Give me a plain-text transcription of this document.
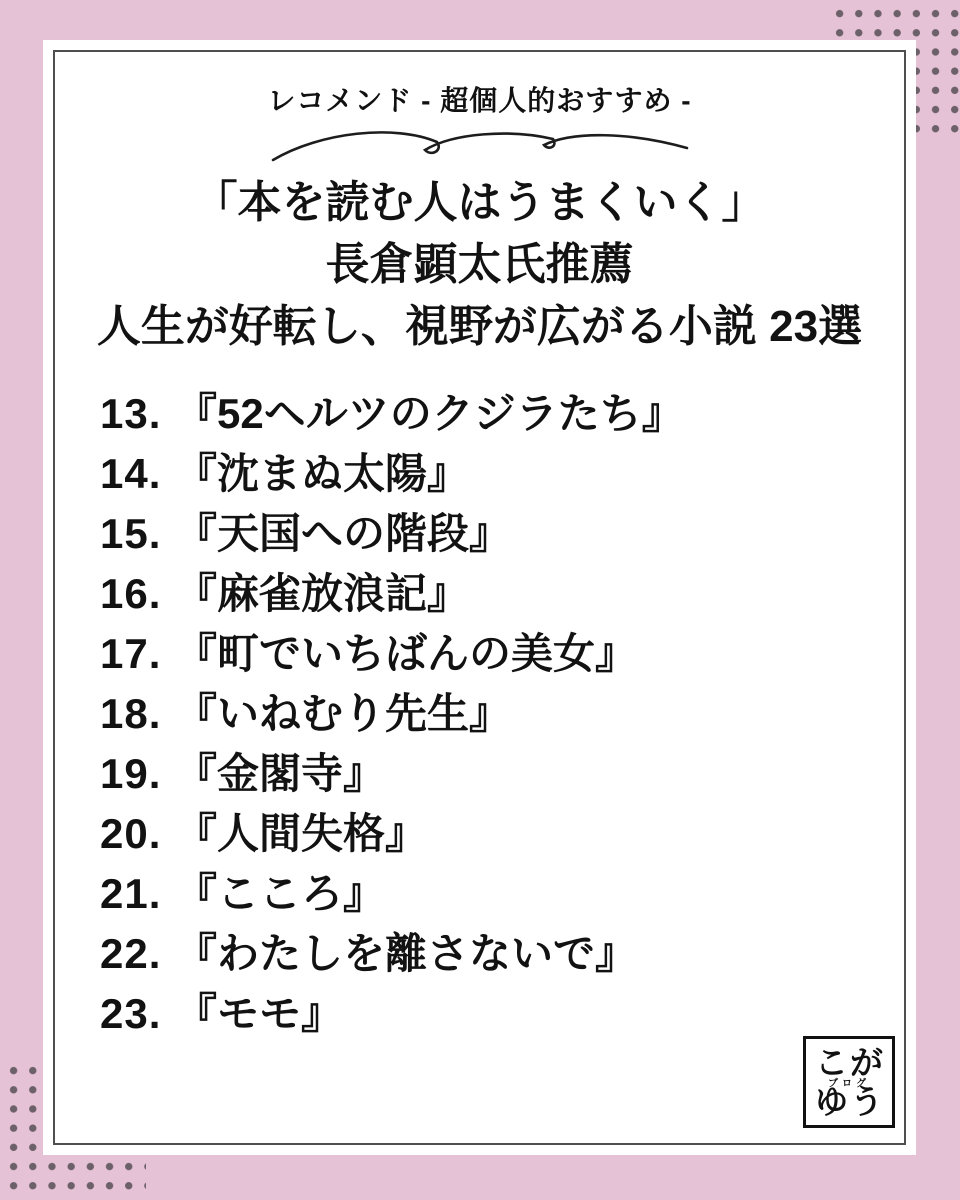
レコメンド - 超個人的おすすめ -
「本を読む人はうまくいく」
長倉顕太氏推薦
人生が好転し、視野が広がる小説 23選
13. 『52ヘルツのクジラたち』
14. 『沈まぬ太陽』
15. 『天国への階段』
16. 『麻雀放浪記』
17. 『町でいちばんの美女』
18. 『いねむり先生』
19. 『金閣寺』
20. 『人間失格』
21. 『こころ』
22. 『わたしを離さないで』
23. 『モモ』
こ が
ブログ
ゆ う
